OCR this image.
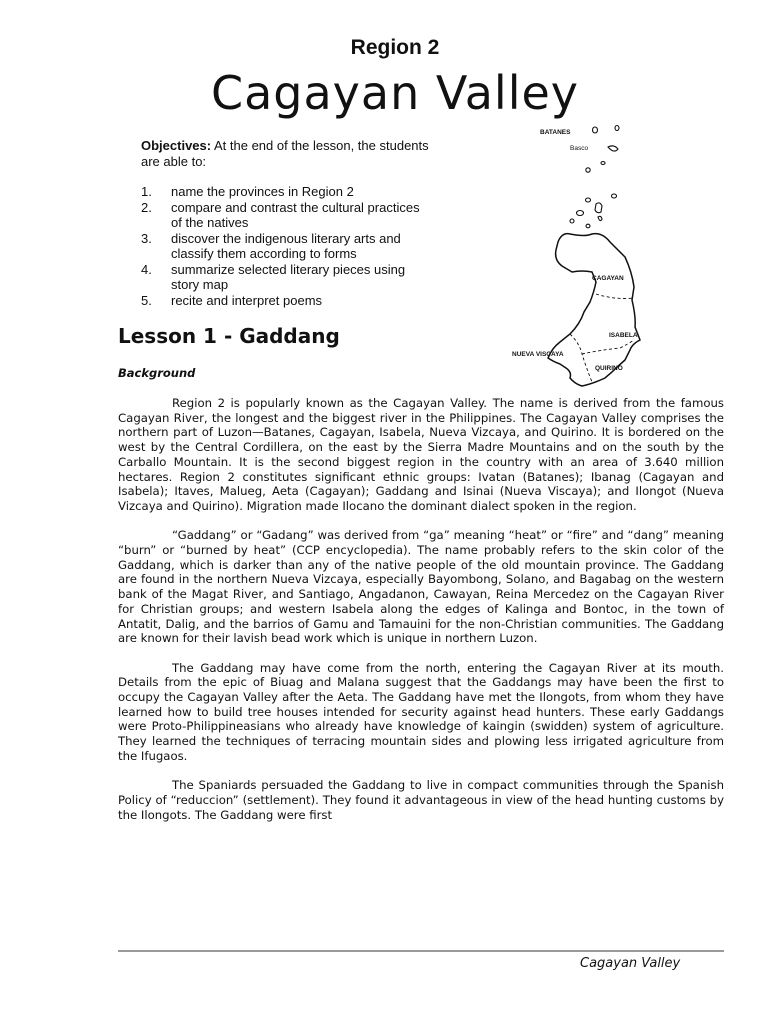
Region 2
Cagayan Valley
Objectives: At the end of the lesson, the students are able to:
1. name the provinces in Region 2
2. compare and contrast the cultural practices of the natives
3. discover the indigenous literary arts and classify them according to forms
4. summarize selected literary pieces using story map
5. recite and interpret poems
BATANES
Basco
CAGAYAN
ISABELA
NUEVA VISCAYA
QUIRINO
Lesson 1 - Gaddang
Background

Region 2 is popularly known as the Cagayan Valley. The name is derived from the famous Cagayan River, the longest and the biggest river in the Philippines. The Cagayan Valley comprises the northern part of Luzon—Batanes, Cagayan, Isabela, Nueva Vizcaya, and Quirino. It is bordered on the west by the Central Cordillera, on the east by the Sierra Madre Mountains and on the south by the Carballo Mountain. It is the second biggest region in the country with an area of 3.640 million hectares. Region 2 constitutes significant ethnic groups: Ivatan (Batanes); Ibanag (Cagayan and Isabela); Itaves, Malueg, Aeta (Cagayan); Gaddang and Isinai (Nueva Viscaya); and Ilongot (Nueva Vizcaya and Quirino). Migration made Ilocano the dominant dialect spoken in the region.

“Gaddang” or “Gadang” was derived from “ga” meaning “heat” or “fire” and “dang” meaning “burn” or “burned by heat” (CCP encyclopedia). The name probably refers to the skin color of the Gaddang, which is darker than any of the native people of the old mountain province. The Gaddang are found in the northern Nueva Vizcaya, especially Bayombong, Solano, and Bagabag on the western bank of the Magat River, and Santiago, Angadanon, Cawayan, Reina Mercedez on the Cagayan River for Christian groups; and western Isabela along the edges of Kalinga and Bontoc, in the town of Antatit, Dalig, and the barrios of Gamu and Tamauini for the non-Christian communities. The Gaddang are known for their lavish bead work which is unique in northern Luzon.

The Gaddang may have come from the north, entering the Cagayan River at its mouth. Details from the epic of Biuag and Malana suggest that the Gaddangs may have been the first to occupy the Cagayan Valley after the Aeta. The Gaddang have met the Ilongots, from whom they have learned how to build tree houses intended for security against head hunters. These early Gaddangs were Proto-Philippineasians who already have knowledge of kaingin (swidden) system of agriculture. They learned the techniques of terracing mountain sides and plowing less irrigated agriculture from the Ifugaos.

The Spaniards persuaded the Gaddang to live in compact communities through the Spanish Policy of “reduccion” (settlement). They found it advantageous in view of the head hunting customs by the Ilongots. The Gaddang were first

Cagayan Valley
